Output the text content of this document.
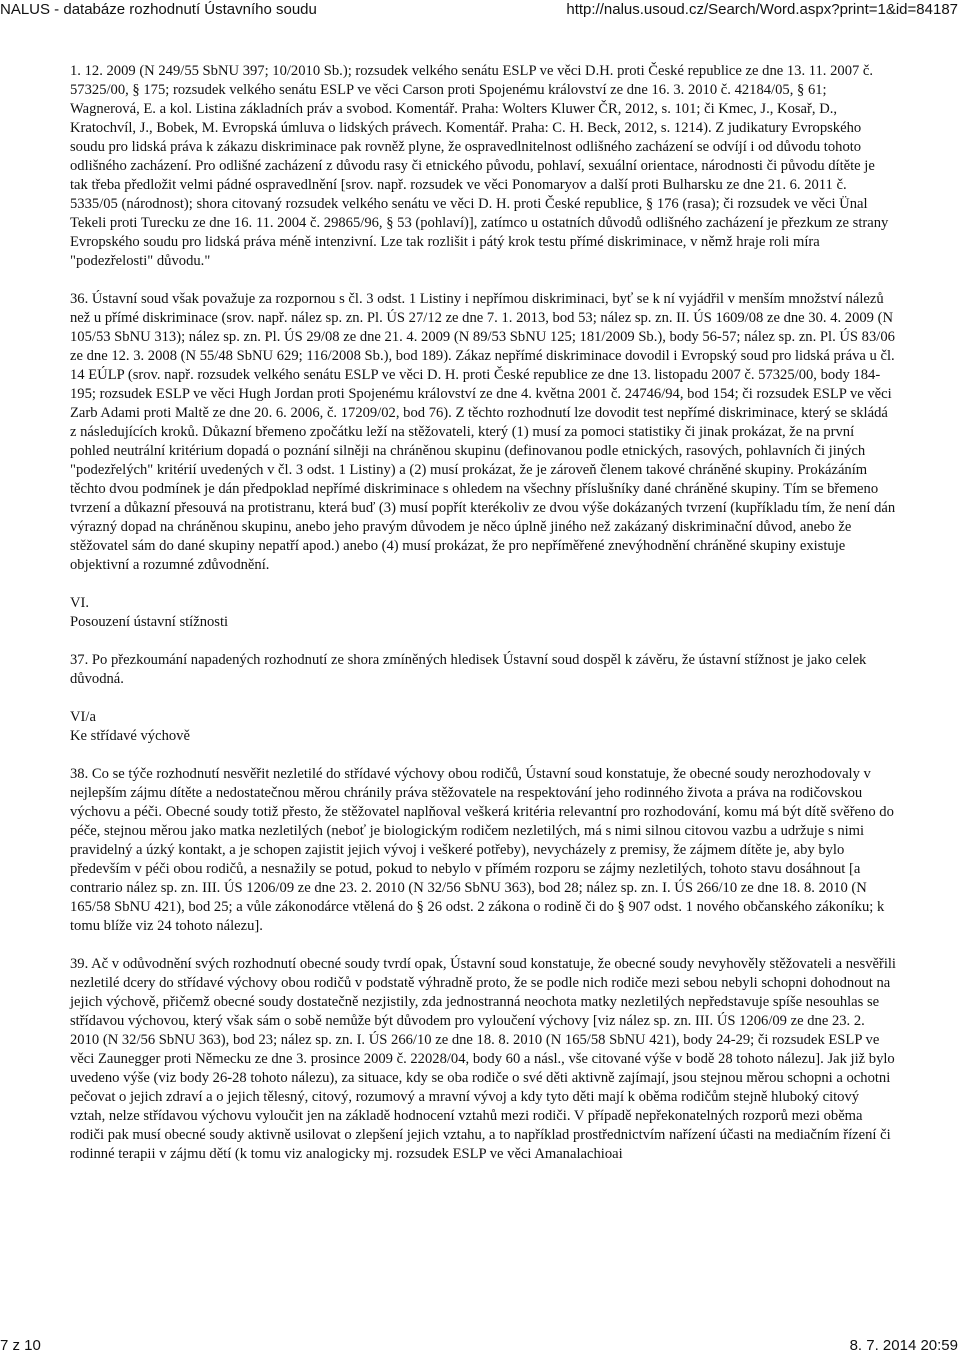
NALUS - databáze rozhodnutí Ústavního soudu	http://nalus.usoud.cz/Search/Word.aspx?print=1&id=84187

1. 12. 2009 (N 249/55 SbNU 397; 10/2010 Sb.); rozsudek velkého senátu ESLP ve věci D.H. proti České republice ze dne 13. 11. 2007 č. 57325/00, § 175; rozsudek velkého senátu ESLP ve věci Carson proti Spojenému království ze dne 16. 3. 2010 č. 42184/05, § 61; Wagnerová, E. a kol. Listina základních práv a svobod. Komentář. Praha: Wolters Kluwer ČR, 2012, s. 101; či Kmec, J., Kosař, D., Kratochvíl, J., Bobek, M. Evropská úmluva o lidských právech. Komentář. Praha: C. H. Beck, 2012, s. 1214). Z judikatury Evropského soudu pro lidská práva k zákazu diskriminace pak rovněž plyne, že ospravedlnitelnost odlišného zacházení se odvíjí i od důvodu tohoto odlišného zacházení. Pro odlišné zacházení z důvodu rasy či etnického původu, pohlaví, sexuální orientace, národnosti či původu dítěte je tak třeba předložit velmi pádné ospravedlnění [srov. např. rozsudek ve věci Ponomaryov a další proti Bulharsku ze dne 21. 6. 2011 č. 5335/05 (národnost); shora citovaný rozsudek velkého senátu ve věci D. H. proti České republice, § 176 (rasa); či rozsudek ve věci Ünal Tekeli proti Turecku ze dne 16. 11. 2004 č. 29865/96, § 53 (pohlaví)], zatímco u ostatních důvodů odlišného zacházení je přezkum ze strany Evropského soudu pro lidská práva méně intenzivní. Lze tak rozlišit i pátý krok testu přímé diskriminace, v němž hraje roli míra "podezřelosti" důvodu."

36. Ústavní soud však považuje za rozpornou s čl. 3 odst. 1 Listiny i nepřímou diskriminaci, byť se k ní vyjádřil v menším množství nálezů než u přímé diskriminace (srov. např. nález sp. zn. Pl. ÚS 27/12 ze dne 7. 1. 2013, bod 53; nález sp. zn. II. ÚS 1609/08 ze dne 30. 4. 2009 (N 105/53 SbNU 313); nález sp. zn. Pl. ÚS 29/08 ze dne 21. 4. 2009 (N 89/53 SbNU 125; 181/2009 Sb.), body 56-57; nález sp. zn. Pl. ÚS 83/06 ze dne 12. 3. 2008 (N 55/48 SbNU 629; 116/2008 Sb.), bod 189). Zákaz nepřímé diskriminace dovodil i Evropský soud pro lidská práva u čl. 14 EÚLP (srov. např. rozsudek velkého senátu ESLP ve věci D. H. proti České republice ze dne 13. listopadu 2007 č. 57325/00, body 184-195; rozsudek ESLP ve věci Hugh Jordan proti Spojenému království ze dne 4. května 2001 č. 24746/94, bod 154; či rozsudek ESLP ve věci Zarb Adami proti Maltě ze dne 20. 6. 2006, č. 17209/02, bod 76). Z těchto rozhodnutí lze dovodit test nepřímé diskriminace, který se skládá z následujících kroků. Důkazní břemeno zpočátku leží na stěžovateli, který (1) musí za pomoci statistiky či jinak prokázat, že na první pohled neutrální kritérium dopadá o poznání silněji na chráněnou skupinu (definovanou podle etnických, rasových, pohlavních či jiných "podezřelých" kritérií uvedených v čl. 3 odst. 1 Listiny) a (2) musí prokázat, že je zároveň členem takové chráněné skupiny. Prokázáním těchto dvou podmínek je dán předpoklad nepřímé diskriminace s ohledem na všechny příslušníky dané chráněné skupiny. Tím se břemeno tvrzení a důkazní přesouvá na protistranu, která buď (3) musí popřít kterékoliv ze dvou výše dokázaných tvrzení (kupříkladu tím, že není dán výrazný dopad na chráněnou skupinu, anebo jeho pravým důvodem je něco úplně jiného než zakázaný diskriminační důvod, anebo že stěžovatel sám do dané skupiny nepatří apod.) anebo (4) musí prokázat, že pro nepříměřené znevýhodnění chráněné skupiny existuje objektivní a rozumné zdůvodnění.

VI.
Posouzení ústavní stížnosti

37. Po přezkoumání napadených rozhodnutí ze shora zmíněných hledisek Ústavní soud dospěl k závěru, že ústavní stížnost je jako celek důvodná.

VI/a
Ke střídavé výchově

38. Co se týče rozhodnutí nesvěřit nezletilé do střídavé výchovy obou rodičů, Ústavní soud konstatuje, že obecné soudy nerozhodovaly v nejlepším zájmu dítěte a nedostatečnou měrou chránily práva stěžovatele na respektování jeho rodinného života a práva na rodičovskou výchovu a péči. Obecné soudy totiž přesto, že stěžovatel naplňoval veškerá kritéria relevantní pro rozhodování, komu má být dítě svěřeno do péče, stejnou měrou jako matka nezletilých (neboť je biologickým rodičem nezletilých, má s nimi silnou citovou vazbu a udržuje s nimi pravidelný a úzký kontakt, a je schopen zajistit jejich vývoj i veškeré potřeby), nevycházely z premisy, že zájmem dítěte je, aby bylo především v péči obou rodičů, a nesnažily se potud, pokud to nebylo v přímém rozporu se zájmy nezletilých, tohoto stavu dosáhnout [a contrario nález sp. zn. III. ÚS 1206/09 ze dne 23. 2. 2010 (N 32/56 SbNU 363), bod 28; nález sp. zn. I. ÚS 266/10 ze dne 18. 8. 2010 (N 165/58 SbNU 421), bod 25; a vůle zákonodárce vtělená do § 26 odst. 2 zákona o rodině či do § 907 odst. 1 nového občanského zákoníku; k tomu blíže viz 24 tohoto nálezu].

39. Ač v odůvodnění svých rozhodnutí obecné soudy tvrdí opak, Ústavní soud konstatuje, že obecné soudy nevyhověly stěžovateli a nesvěřili nezletilé dcery do střídavé výchovy obou rodičů v podstatě výhradně proto, že se podle nich rodiče mezi sebou nebyli schopni dohodnout na jejich výchově, přičemž obecné soudy dostatečně nezjistily, zda jednostranná neochota matky nezletilých nepředstavuje spíše nesouhlas se střídavou výchovou, který však sám o sobě nemůže být důvodem pro vyloučení výchovy [viz nález sp. zn. III. ÚS 1206/09 ze dne 23. 2. 2010 (N 32/56 SbNU 363), bod 23; nález sp. zn. I. ÚS 266/10 ze dne 18. 8. 2010 (N 165/58 SbNU 421), body 24-29; či rozsudek ESLP ve věci Zaunegger proti Německu ze dne 3. prosince 2009 č. 22028/04, body 60 a násl., vše citované výše v bodě 28 tohoto nálezu]. Jak již bylo uvedeno výše (viz body 26-28 tohoto nálezu), za situace, kdy se oba rodiče o své děti aktivně zajímají, jsou stejnou měrou schopni a ochotni pečovat o jejich zdraví a o jejich tělesný, citový, rozumový a mravní vývoj a kdy tyto děti mají k oběma rodičům stejně hluboký citový vztah, nelze střídavou výchovu vyloučit jen na základě hodnocení vztahů mezi rodiči. V případě nepřekonatelných rozporů mezi oběma rodiči pak musí obecné soudy aktivně usilovat o zlepšení jejich vztahu, a to například prostřednictvím nařízení účasti na mediačním řízení či rodinné terapii v zájmu dětí (k tomu viz analogicky mj. rozsudek ESLP ve věci Amanalachioai

7 z 10	8. 7. 2014 20:59
